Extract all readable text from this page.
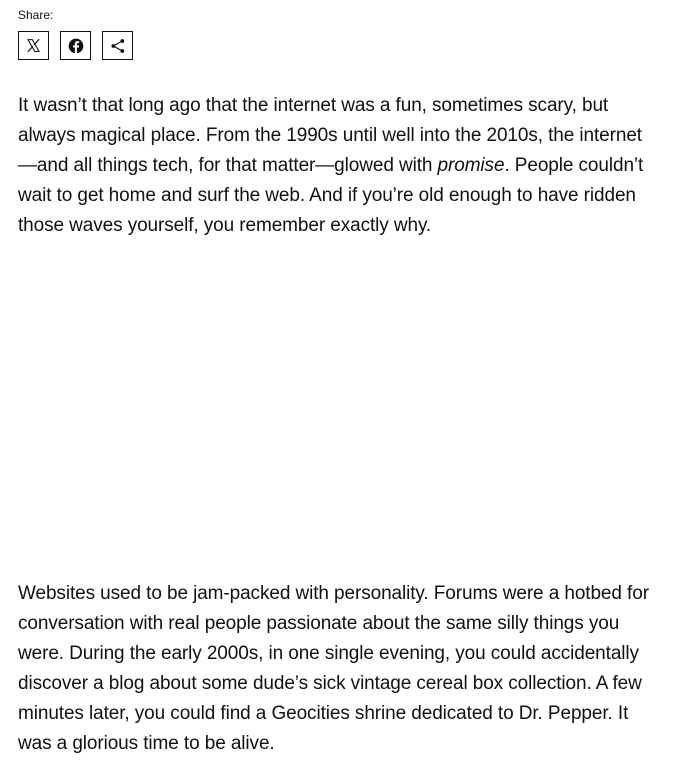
Share:

It wasn’t that long ago that the internet was a fun, sometimes scary, but always magical place. From the 1990s until well into the 2010s, the internet—and all things tech, for that matter—glowed with promise. People couldn’t wait to get home and surf the web. And if you’re old enough to have ridden those waves yourself, you remember exactly why.

Websites used to be jam-packed with personality. Forums were a hotbed for conversation with real people passionate about the same silly things you were. During the early 2000s, in one single evening, you could accidentally discover a blog about some dude’s sick vintage cereal box collection. A few minutes later, you could find a Geocities shrine dedicated to Dr. Pepper. It was a glorious time to be alive.
